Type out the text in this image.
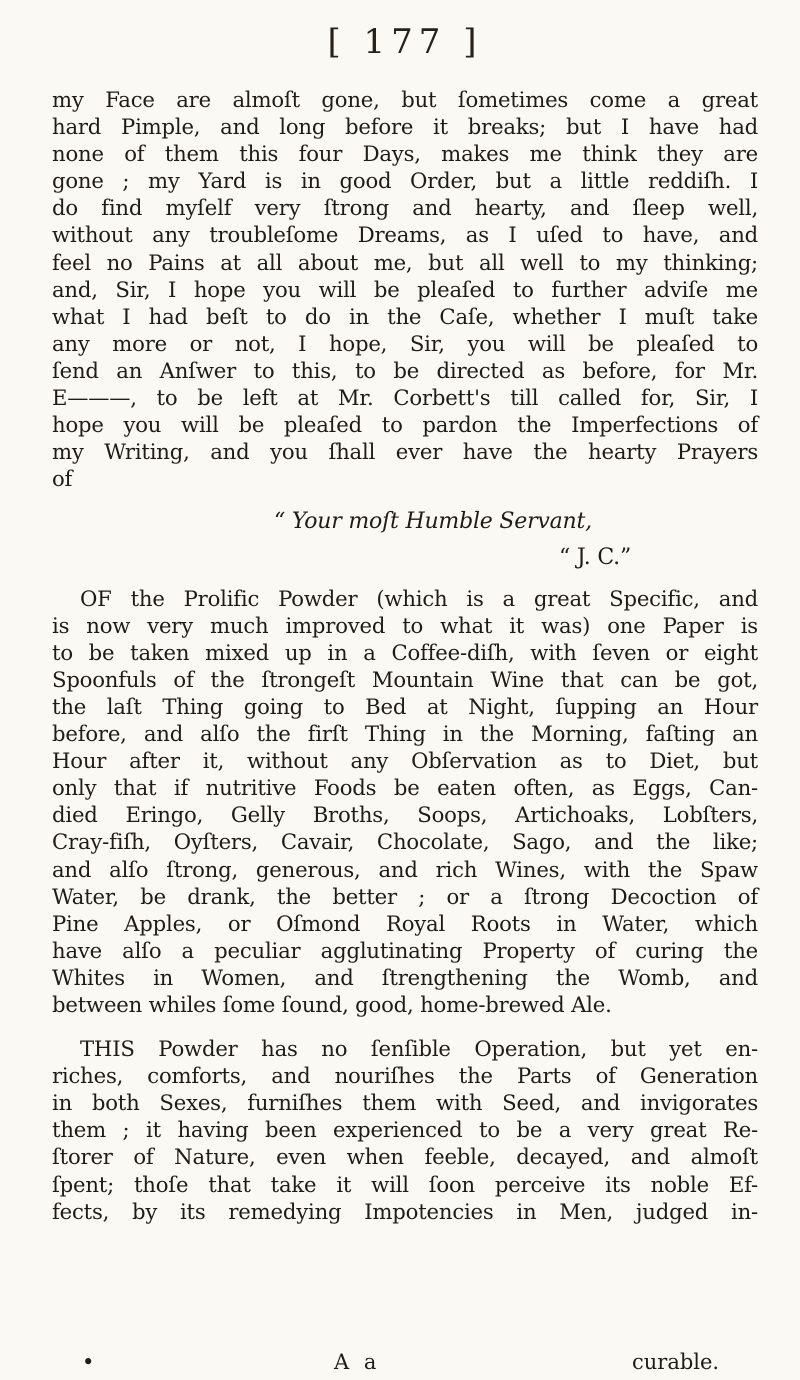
[ 177 ]

my Face are almoſt gone, but ſometimes come a great

hard Pimple, and long before it breaks; but I have had

none of them this four Days, makes me think they are

gone ; my Yard is in good Order, but a little reddiſh. I

do find myſelf very ſtrong and hearty, and ſleep well,

without any troubleſome Dreams, as I uſed to have, and

feel no Pains at all about me, but all well to my thinking;

and, Sir, I hope you will be pleaſed to further adviſe me

what I had beſt to do in the Caſe, whether I muſt take

any more or not, I hope, Sir, you will be pleaſed to

ſend an Anſwer to this, to be directed as before, for Mr.

E———, to be left at Mr. Corbett's till called for, Sir, I

hope you will be pleaſed to pardon the Imperfections of

my Writing, and you ſhall ever have the hearty Prayers

of

“ Your moſt Humble Servant,

“ J. C.”

OF the Prolific Powder (which is a great Specific, and

is now very much improved to what it was) one Paper is

to be taken mixed up in a Coffee-diſh, with ſeven or eight

Spoonfuls of the ſtrongeſt Mountain Wine that can be got,

the laſt Thing going to Bed at Night, ſupping an Hour

before, and alſo the firſt Thing in the Morning, faſting an

Hour after it, without any Obſervation as to Diet, but

only that if nutritive Foods be eaten often, as Eggs, Can-

died Eringo, Gelly Broths, Soops, Artichoaks, Lobſters,

Cray-fiſh, Oyſters, Cavair, Chocolate, Sago, and the like;

and alſo ſtrong, generous, and rich Wines, with the Spaw

Water, be drank, the better ; or a ſtrong Decoction of

Pine Apples, or Oſmond Royal Roots in Water, which

have alſo a peculiar agglutinating Property of curing the

Whites in Women, and ſtrengthening the Womb, and

between whiles ſome ſound, good, home-brewed Ale.

THIS Powder has no ſenſible Operation, but yet en-

riches, comforts, and nouriſhes the Parts of Generation

in both Sexes, furniſhes them with Seed, and invigorates

them ; it having been experienced to be a very great Re-

ſtorer of Nature, even when feeble, decayed, and almoſt

ſpent; thoſe that take it will ſoon perceive its noble Ef-

fects, by its remedying Impotencies in Men, judged in-

•	A a	curable.
